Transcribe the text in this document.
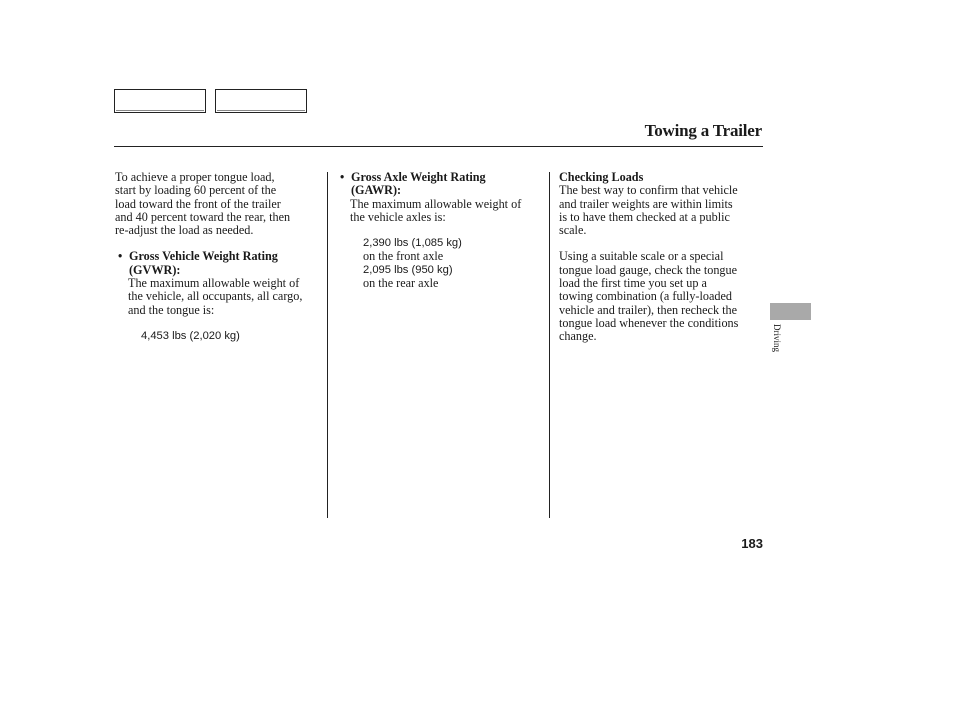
Towing a Trailer

To achieve a proper tongue load,
start by loading 60 percent of the
load toward the front of the trailer
and 40 percent toward the rear, then
re-adjust the load as needed.

• Gross Vehicle Weight Rating
(GVWR):

The maximum allowable weight of
the vehicle, all occupants, all cargo,
and the tongue is:

4,453 lbs (2,020 kg)

• Gross Axle Weight Rating
(GAWR):

The maximum allowable weight of
the vehicle axles is:

2,390 lbs (1,085 kg)

on the front axle

2,095 lbs (950 kg)

on the rear axle

Checking Loads

The best way to confirm that vehicle
and trailer weights are within limits
is to have them checked at a public
scale.

Using a suitable scale or a special
tongue load gauge, check the tongue
load the first time you set up a
towing combination (a fully-loaded
vehicle and trailer), then recheck the
tongue load whenever the conditions
change.	Driving
183
